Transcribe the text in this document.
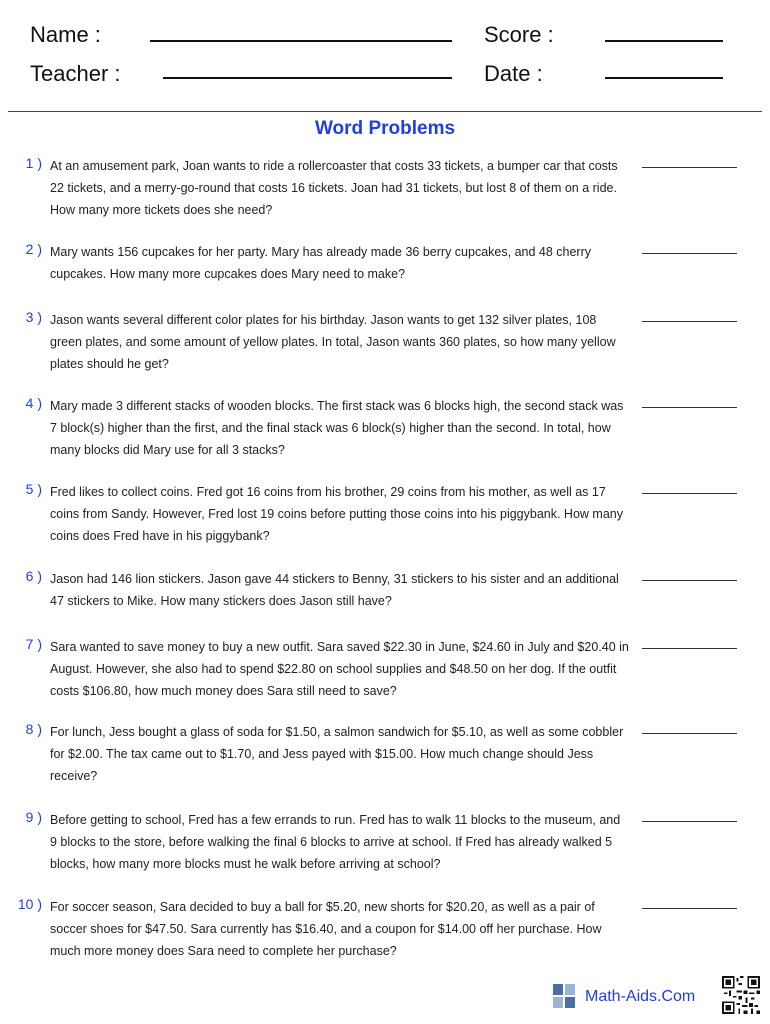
Name :
Teacher :
Score :
Date :
Word Problems
1 ) At an amusement park, Joan wants to ride a rollercoaster that costs 33 tickets, a bumper car that costs 22 tickets, and a merry-go-round that costs 16 tickets. Joan had 31 tickets, but lost 8 of them on a ride. How many more tickets does she need?
2 ) Mary wants 156 cupcakes for her party. Mary has already made 36 berry cupcakes, and 48 cherry cupcakes. How many more cupcakes does Mary need to make?
3 ) Jason wants several different color plates for his birthday. Jason wants to get 132 silver plates, 108 green plates, and some amount of yellow plates. In total, Jason wants 360 plates, so how many yellow plates should he get?
4 ) Mary made 3 different stacks of wooden blocks. The first stack was 6 blocks high, the second stack was 7 block(s) higher than the first, and the final stack was 6 block(s) higher than the second. In total, how many blocks did Mary use for all 3 stacks?
5 ) Fred likes to collect coins. Fred got 16 coins from his brother, 29 coins from his mother, as well as 17 coins from Sandy. However, Fred lost 19 coins before putting those coins into his piggybank. How many coins does Fred have in his piggybank?
6 ) Jason had 146 lion stickers. Jason gave 44 stickers to Benny, 31 stickers to his sister and an additional 47 stickers to Mike. How many stickers does Jason still have?
7 ) Sara wanted to save money to buy a new outfit. Sara saved $22.30 in June, $24.60 in July and $20.40 in August. However, she also had to spend $22.80 on school supplies and $48.50 on her dog. If the outfit costs $106.80, how much money does Sara still need to save?
8 ) For lunch, Jess bought a glass of soda for $1.50, a salmon sandwich for $5.10, as well as some cobbler for $2.00. The tax came out to $1.70, and Jess payed with $15.00. How much change should Jess receive?
9 ) Before getting to school, Fred has a few errands to run. Fred has to walk 11 blocks to the museum, and 9 blocks to the store, before walking the final 6 blocks to arrive at school. If Fred has already walked 5 blocks, how many more blocks must he walk before arriving at school?
10 ) For soccer season, Sara decided to buy a ball for $5.20, new shorts for $20.20, as well as a pair of soccer shoes for $47.50. Sara currently has $16.40, and a coupon for $14.00 off her purchase. How much more money does Sara need to complete her purchase?
Math-Aids.Com
